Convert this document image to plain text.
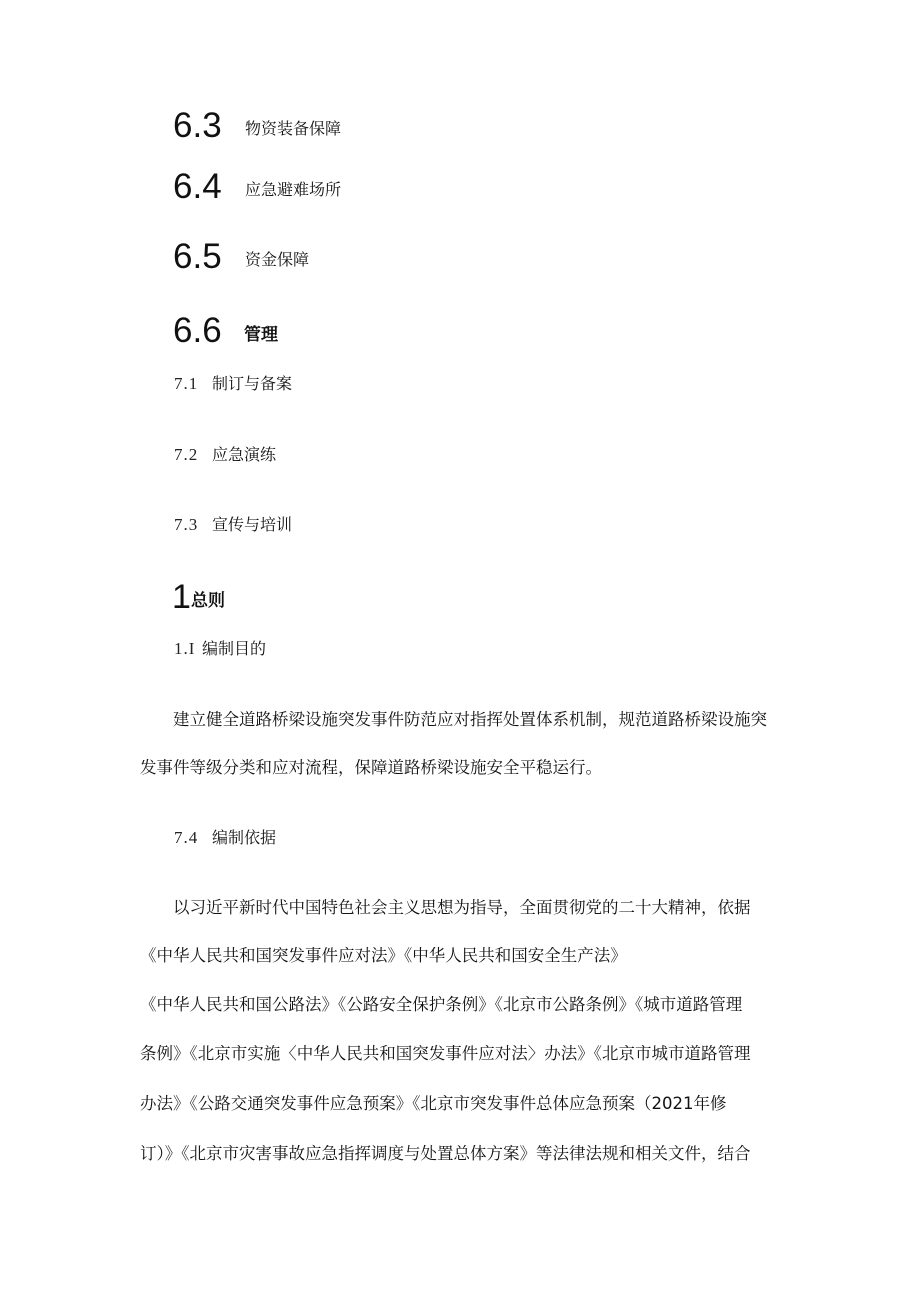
6.3 物资装备保障
6.4 应急避难场所
6.5 资金保障
6.6 管理
7.1 制订与备案
7.2 应急演练
7.3 宣传与培训
1 总则
1.I 编制目的
建立健全道路桥梁设施突发事件防范应对指挥处置体系机制，规范道路桥梁设施突
发事件等级分类和应对流程，保障道路桥梁设施安全平稳运行。
7.4 编制依据
以习近平新时代中国特色社会主义思想为指导，全面贯彻党的二十大精神，依据
《中华人民共和国突发事件应对法》《中华人民共和国安全生产法》
《中华人民共和国公路法》《公路安全保护条例》《北京市公路条例》《城市道路管理
条例》《北京市实施〈中华人民共和国突发事件应对法〉办法》《北京市城市道路管理
办法》《公路交通突发事件应急预案》《北京市突发事件总体应急预案（2021年修
订）》《北京市灾害事故应急指挥调度与处置总体方案》等法律法规和相关文件，结合
